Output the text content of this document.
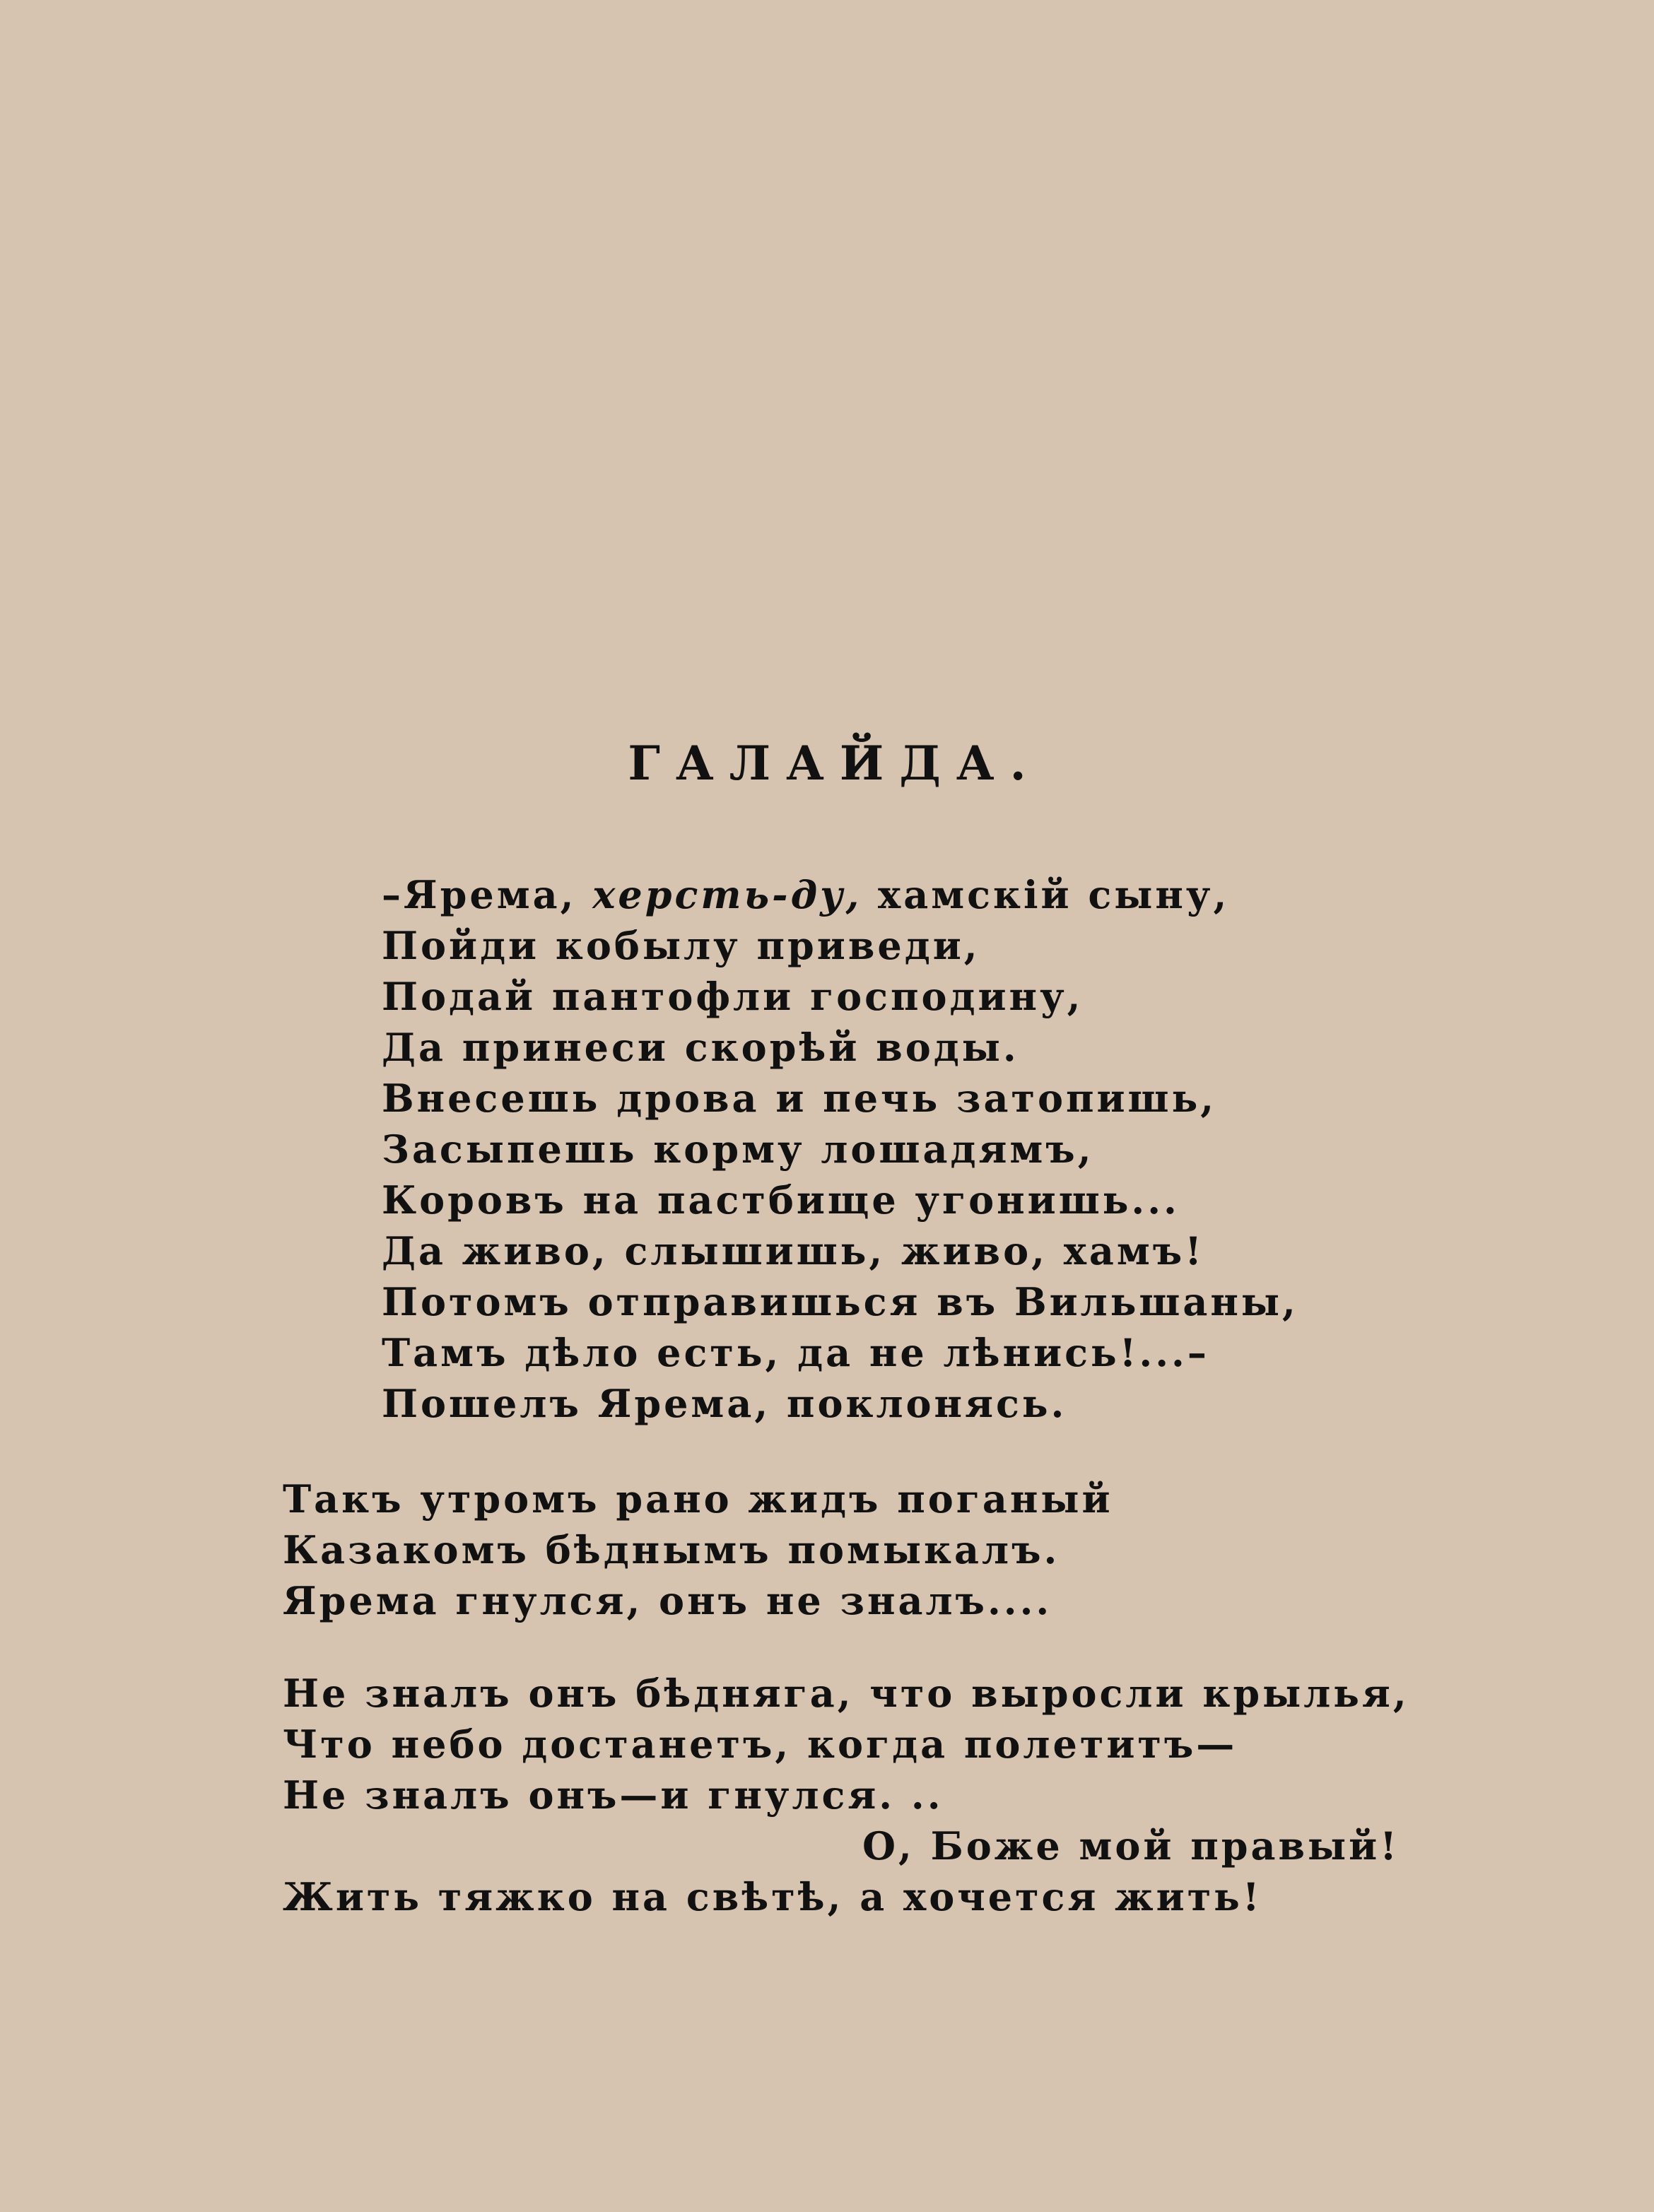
ГАЛАЙДА.
–Ярема, херсть-ду, хамскій сыну,
Пойди кобылу приведи,
Подай пантофли господину,
Да принеси скорѣй воды.
Внесешь дрова и печь затопишь,
Засыпешь корму лошадямъ,
Коровъ на пастбище угонишь...
Да живо, слышишь, живо, хамъ!
Потомъ отправишься въ Вильшаны,
Тамъ дѣло есть, да не лѣнись!...–
Пошелъ Ярема, поклонясь.
Такъ утромъ рано жидъ поганый
Казакомъ бѣднымъ помыкалъ.
Ярема гнулся, онъ не зналъ....
Не зналъ онъ бѣдняга, что выросли крылья,
Что небо достанетъ, когда полетитъ—
Не зналъ онъ—и гнулся. ..
О, Боже мой правый!
Жить тяжко на свѣтѣ, а хочется жить!
